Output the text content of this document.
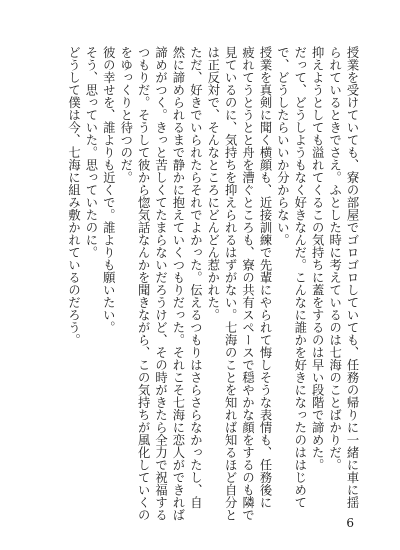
授業を受けていても、寮の部屋でゴロゴロしていても、任務の帰りに一緒に車に揺
られているときでさえ。ふとした時に考えているのは七海のことばかりだ。
抑えようとしても溢れてくるこの気持ちに蓋をするのは早い段階で諦めた。
だって、どうしようもなく好きなんだ。こんなに誰かを好きになったのははじめて
で、どうしたらいいか分からない。
授業を真剣に聞く横顔も、近接訓練で先輩にやられて悔しそうな表情も、任務後に
疲れてうとうとと舟を漕ぐところも、寮の共有スペースで穏やかな顔をするのも隣で
見ているのに、気持ちを抑えられるはずがない。七海のことを知れば知るほど自分と
は正反対で、そんなところにどんどん惹かれた。
ただ、好きでいられたらそれでよかった。伝えるつもりはさらさらなかったし、自
然に諦められるまで静かに抱えていくつもりだった。それこそ七海に恋人ができれば
諦めがつく。きっと苦しくてたまらないだろうけど、その時がきたら全力で祝福する
つもりだ。そうして彼から惚気話なんかを聞きながら、この気持ちが風化していくの
をゆっくりと待つのだ。
彼の幸せを、誰よりも近くで。誰よりも願いたい。
そう、思っていた。思っていたのに。
どうして僕は今、七海に組み敷かれているのだろう。
6
